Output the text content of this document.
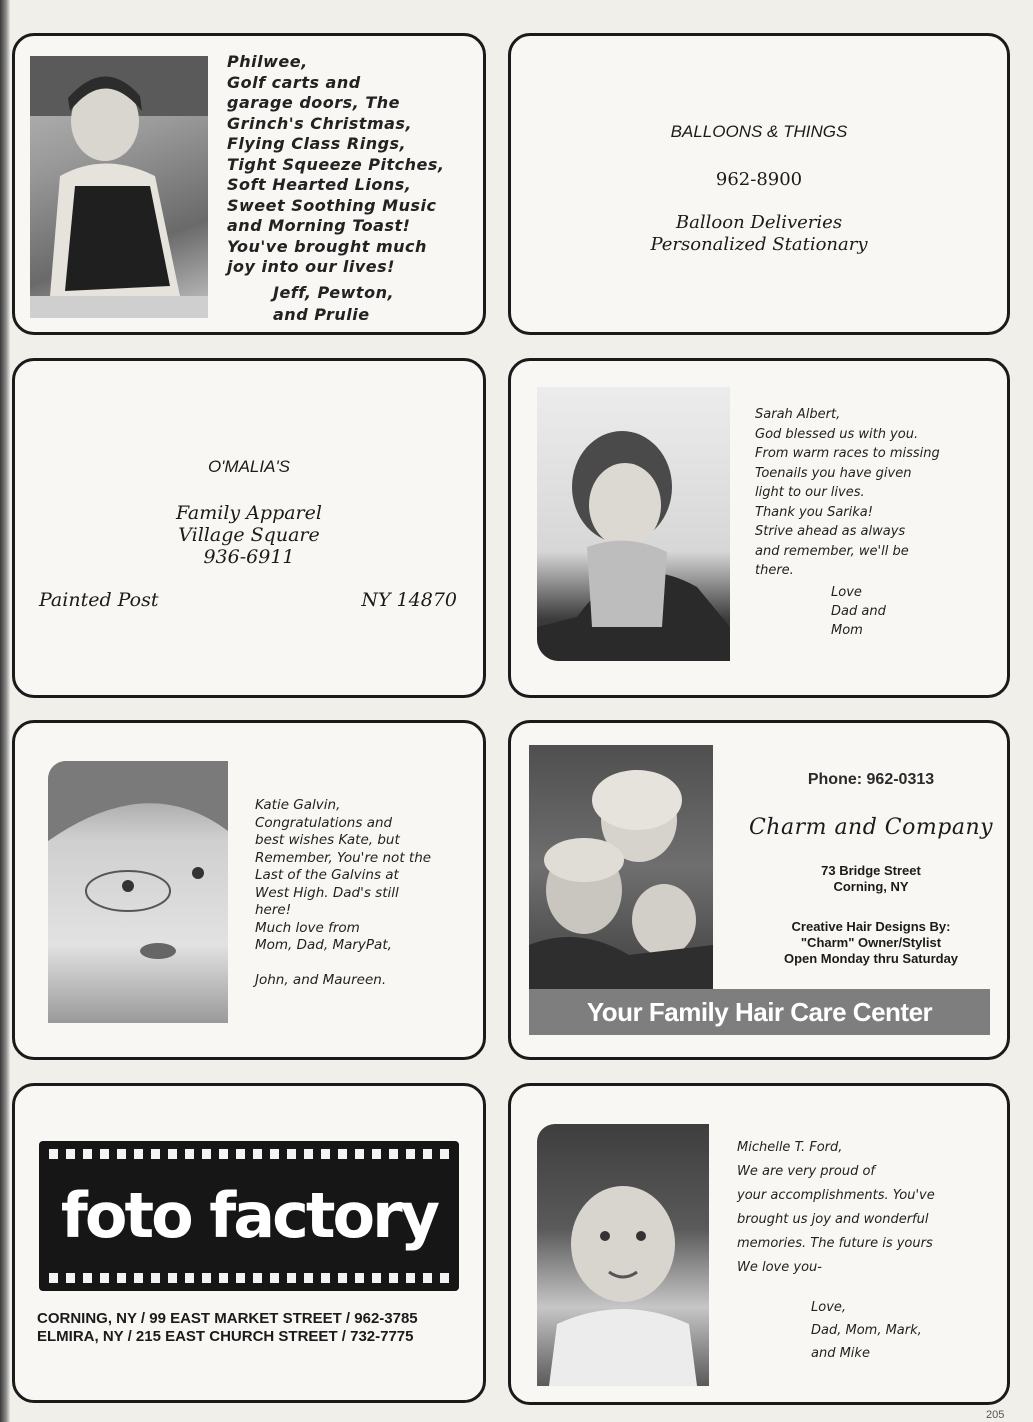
Philwee,
Golf carts and
garage doors, The
Grinch's Christmas,
Flying Class Rings,
Tight Squeeze Pitches,
Soft Hearted Lions,
Sweet Soothing Music
and Morning Toast!
You've brought much
joy into our lives!
Jeff, Pewton,
and Prulie
BALLOONS & THINGS
962-8900
Balloon Deliveries
Personalized Stationary
O'MALIA'S
Family Apparel
Village Square
936-6911
Painted Post	NY 14870
Sarah Albert,
God blessed us with you.
From warm races to missing
Toenails you have given
light to our lives.
Thank you Sarika!
Strive ahead as always
and remember, we'll be
there.
Love
Dad and
Mom
Katie Galvin,
Congratulations and
best wishes Kate, but
Remember, You're not the
Last of the Galvins at
West High. Dad's still
here!
Much love from
Mom, Dad, MaryPat,

John, and Maureen.
Phone: 962-0313
Charm and Company
73 Bridge Street
Corning, NY
Creative Hair Designs By:
"Charm" Owner/Stylist
Open Monday thru Saturday
Your Family Hair Care Center
foto factory
CORNING, NY / 99 EAST MARKET STREET / 962-3785
ELMIRA, NY / 215 EAST CHURCH STREET / 732-7775
Michelle T. Ford,
We are very proud of
your accomplishments. You've
brought us joy and wonderful
memories. The future is yours
We love you-
Love,
Dad, Mom, Mark,
and Mike
205
